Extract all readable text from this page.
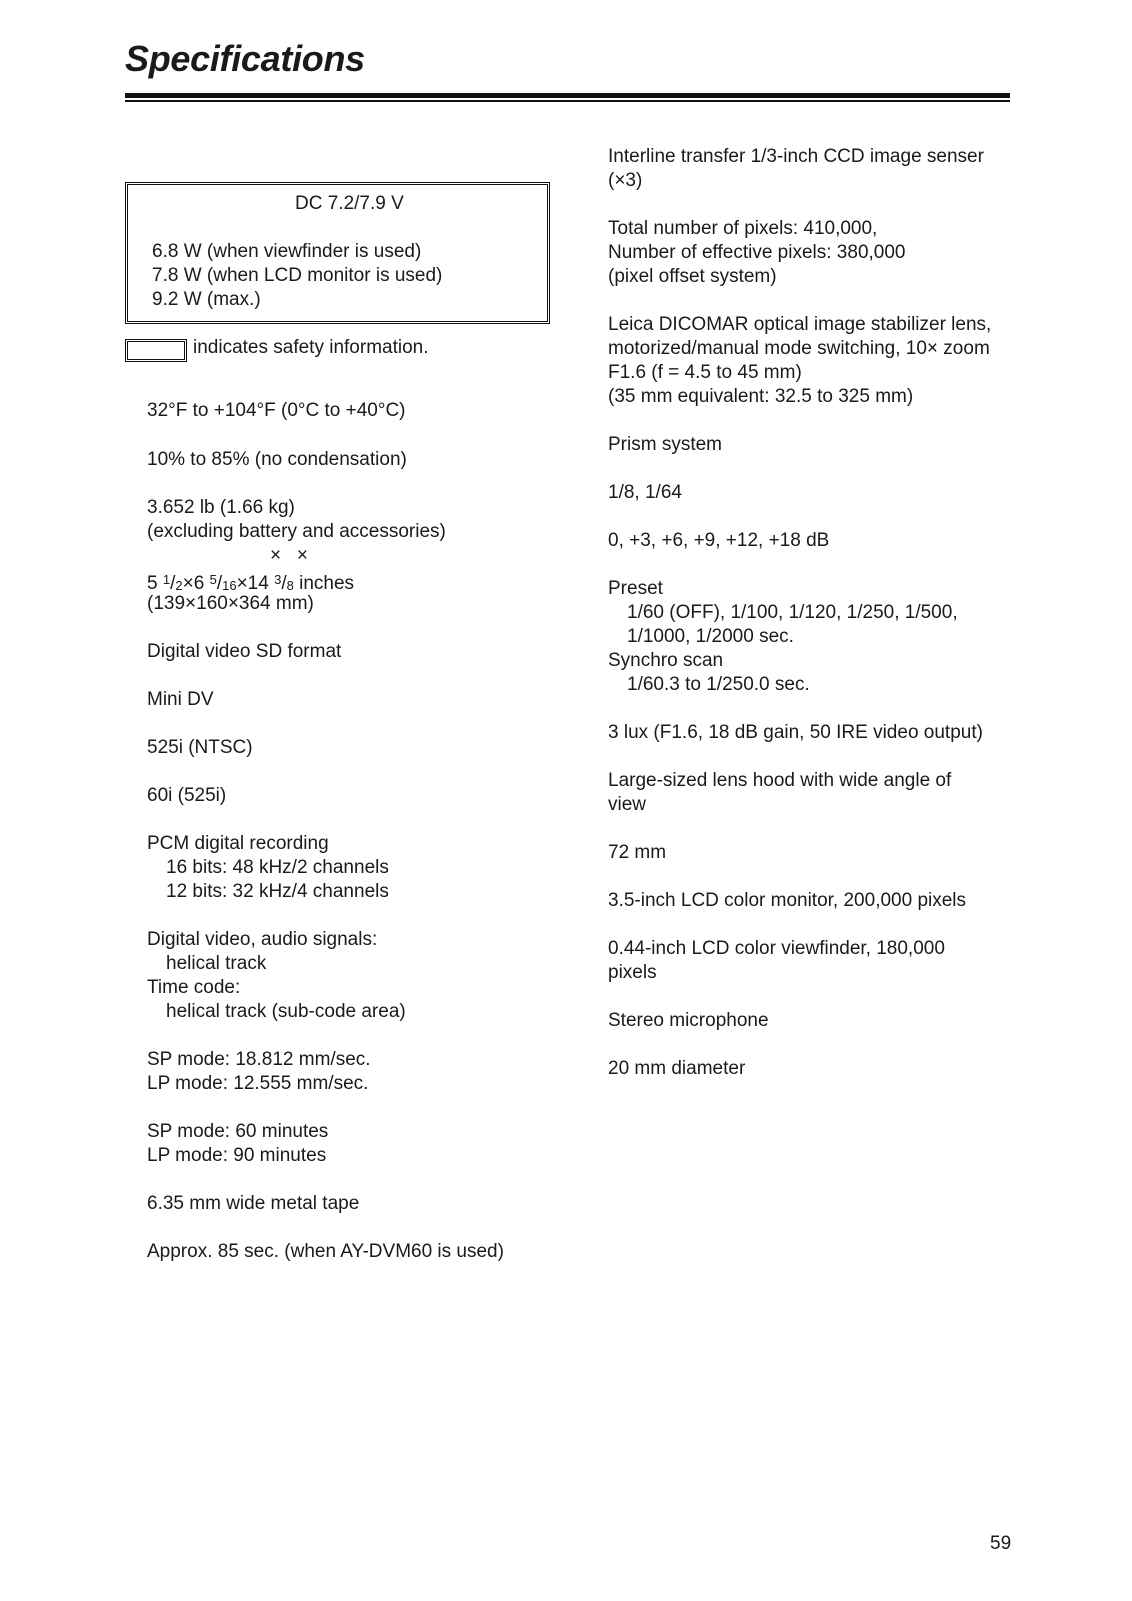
Specifications
DC 7.2/7.9 V
6.8 W (when viewfinder is used)
7.8 W (when LCD monitor is used)
9.2 W (max.)
indicates safety information.
32°F to +104°F (0°C to +40°C)
10% to 85% (no condensation)
3.652 lb (1.66 kg)
(excluding battery and accessories)
×   ×
5 $^1/_2\times 6$ $^5/_{16}\times 14$ $^3/_8$ inches
(139×160×364 mm)
Digital video SD format
Mini DV
525i (NTSC)
60i (525i)
PCM digital recording
16 bits: 48 kHz/2 channels
12 bits: 32 kHz/4 channels
Digital video, audio signals:
helical track
Time code:
helical track (sub-code area)
SP mode: 18.812 mm/sec.
LP mode: 12.555 mm/sec.
SP mode: 60 minutes
LP mode: 90 minutes
6.35 mm wide metal tape
Approx. 85 sec. (when AY-DVM60 is used)
Interline transfer 1/3-inch CCD image senser
(×3)
Total number of pixels: 410,000,
Number of effective pixels: 380,000
(pixel offset system)
Leica DICOMAR optical image stabilizer lens,
motorized/manual mode switching, 10× zoom
F1.6 (f = 4.5 to 45 mm)
(35 mm equivalent: 32.5 to 325 mm)
Prism system
1/8, 1/64
0, +3, +6, +9, +12, +18 dB
Preset
1/60 (OFF), 1/100, 1/120, 1/250, 1/500,
1/1000, 1/2000 sec.
Synchro scan
1/60.3 to 1/250.0 sec.
3 lux (F1.6, 18 dB gain, 50 IRE video output)
Large-sized lens hood with wide angle of
view
72 mm
3.5-inch LCD color monitor, 200,000 pixels
0.44-inch LCD color viewfinder, 180,000
pixels
Stereo microphone
20 mm diameter
59
